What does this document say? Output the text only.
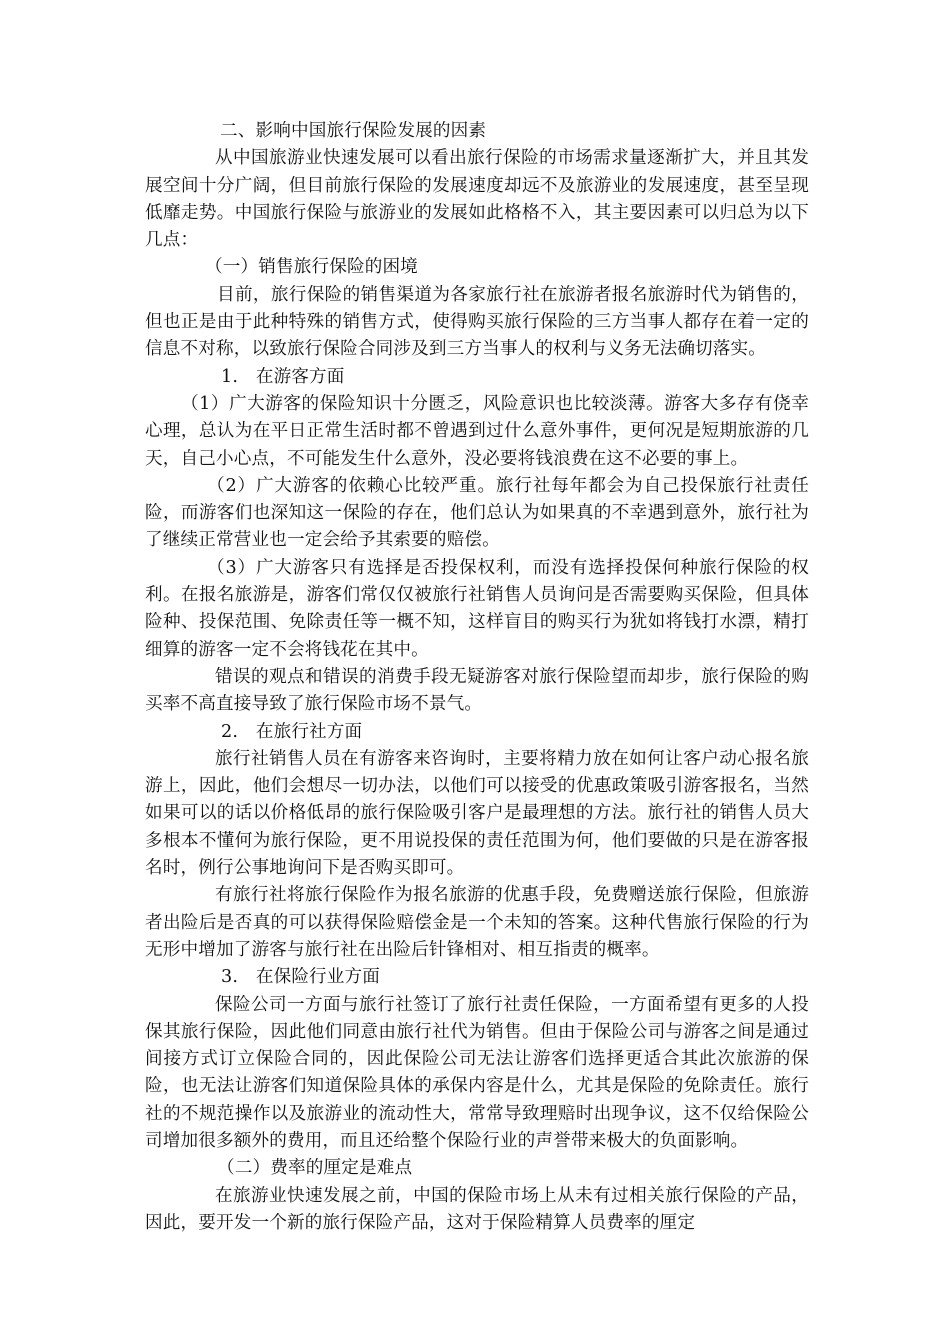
二、影响中国旅行保险发展的因素

从中国旅游业快速发展可以看出旅行保险的市场需求量逐渐扩大，并且其发展空间十分广阔，但目前旅行保险的发展速度却远不及旅游业的发展速度，甚至呈现低靡走势。中国旅行保险与旅游业的发展如此格格不入，其主要因素可以归总为以下几点：

（一）销售旅行保险的困境

目前，旅行保险的销售渠道为各家旅行社在旅游者报名旅游时代为销售的，但也正是由于此种特殊的销售方式，使得购买旅行保险的三方当事人都存在着一定的信息不对称，以致旅行保险合同涉及到三方当事人的权利与义务无法确切落实。

1.　在游客方面

（1）广大游客的保险知识十分匮乏，风险意识也比较淡薄。游客大多存有侥幸心理，总认为在平日正常生活时都不曾遇到过什么意外事件，更何况是短期旅游的几天，自己小心点，不可能发生什么意外，没必要将钱浪费在这不必要的事上。

（2）广大游客的依赖心比较严重。旅行社每年都会为自己投保旅行社责任险，而游客们也深知这一保险的存在，他们总认为如果真的不幸遇到意外，旅行社为了继续正常营业也一定会给予其索要的赔偿。

（3）广大游客只有选择是否投保权利，而没有选择投保何种旅行保险的权利。在报名旅游是，游客们常仅仅被旅行社销售人员询问是否需要购买保险，但具体险种、投保范围、免除责任等一概不知，这样盲目的购买行为犹如将钱打水漂，精打细算的游客一定不会将钱花在其中。

错误的观点和错误的消费手段无疑游客对旅行保险望而却步，旅行保险的购买率不高直接导致了旅行保险市场不景气。

2.　在旅行社方面

旅行社销售人员在有游客来咨询时，主要将精力放在如何让客户动心报名旅游上，因此，他们会想尽一切办法，以他们可以接受的优惠政策吸引游客报名，当然如果可以的话以价格低昂的旅行保险吸引客户是最理想的方法。旅行社的销售人员大多根本不懂何为旅行保险，更不用说投保的责任范围为何，他们要做的只是在游客报名时，例行公事地询问下是否购买即可。

有旅行社将旅行保险作为报名旅游的优惠手段，免费赠送旅行保险，但旅游者出险后是否真的可以获得保险赔偿金是一个未知的答案。这种代售旅行保险的行为无形中增加了游客与旅行社在出险后针锋相对、相互指责的概率。

3.　在保险行业方面

保险公司一方面与旅行社签订了旅行社责任保险，一方面希望有更多的人投保其旅行保险，因此他们同意由旅行社代为销售。但由于保险公司与游客之间是通过间接方式订立保险合同的，因此保险公司无法让游客们选择更适合其此次旅游的保险，也无法让游客们知道保险具体的承保内容是什么，尤其是保险的免除责任。旅行社的不规范操作以及旅游业的流动性大，常常导致理赔时出现争议，这不仅给保险公司增加很多额外的费用，而且还给整个保险行业的声誉带来极大的负面影响。

（二）费率的厘定是难点

在旅游业快速发展之前，中国的保险市场上从未有过相关旅行保险的产品，因此，要开发一个新的旅行保险产品，这对于保险精算人员费率的厘定
